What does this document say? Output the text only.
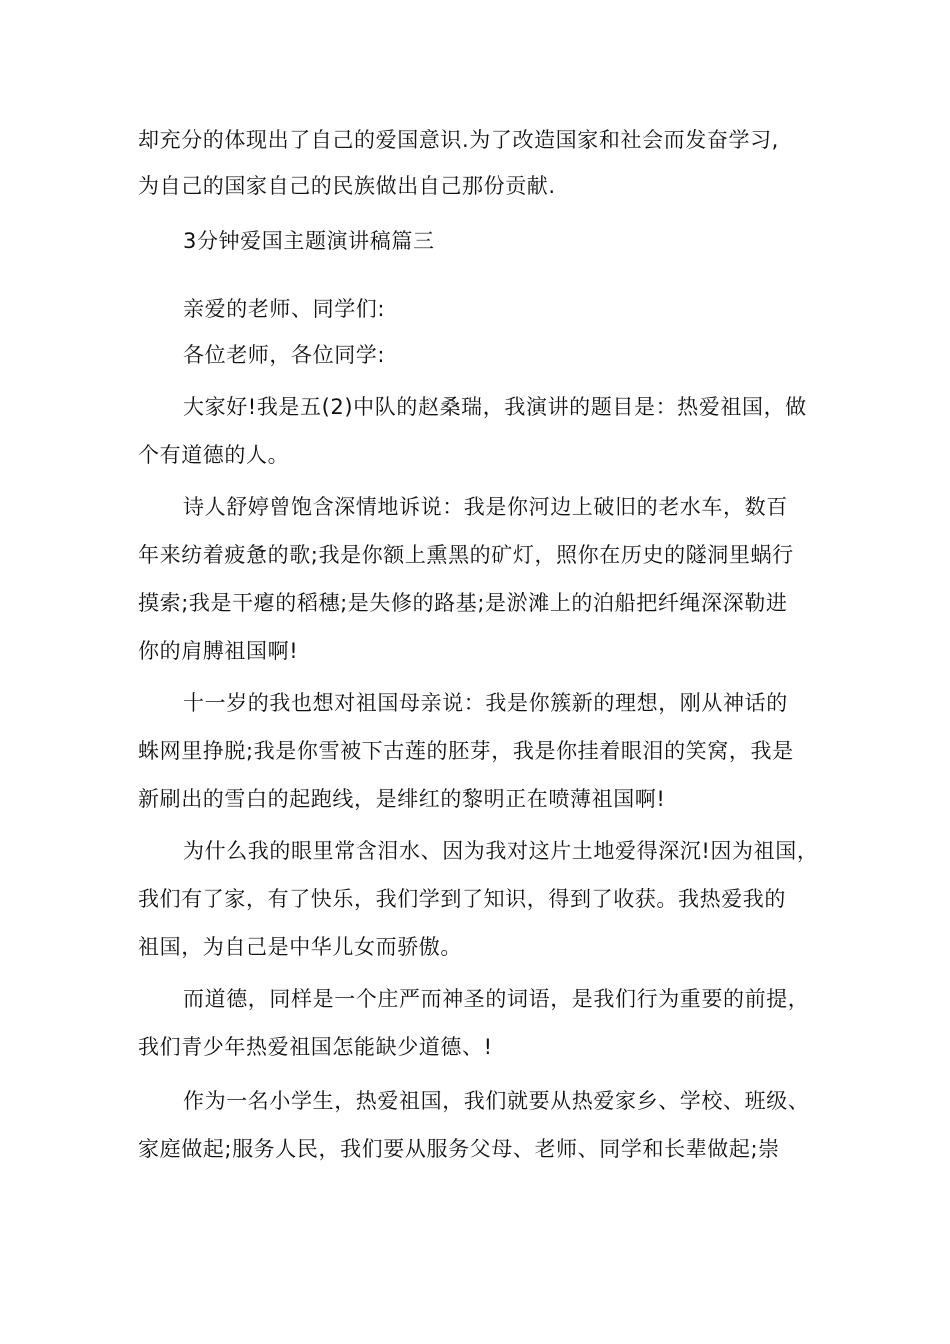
却充分的体现出了自己的爱国意识.为了改造国家和社会而发奋学习,
为自己的国家自己的民族做出自己那份贡献.
3分钟爱国主题演讲稿篇三
亲爱的老师、同学们:
各位老师，各位同学:
大家好!我是五(2)中队的赵桑瑞，我演讲的题目是：热爱祖国，做
个有道德的人。
诗人舒婷曾饱含深情地诉说：我是你河边上破旧的老水车，数百
年来纺着疲惫的歌;我是你额上熏黑的矿灯，照你在历史的隧洞里蜗行
摸索;我是干瘪的稻穗;是失修的路基;是淤滩上的泊船把纤绳深深勒进
你的肩膊祖国啊!
十一岁的我也想对祖国母亲说：我是你簇新的理想，刚从神话的
蛛网里挣脱;我是你雪被下古莲的胚芽，我是你挂着眼泪的笑窝，我是
新刷出的雪白的起跑线，是绯红的黎明正在喷薄祖国啊!
为什么我的眼里常含泪水、因为我对这片土地爱得深沉!因为祖国，
我们有了家，有了快乐，我们学到了知识，得到了收获。我热爱我的
祖国，为自己是中华儿女而骄傲。
而道德，同样是一个庄严而神圣的词语，是我们行为重要的前提，
我们青少年热爱祖国怎能缺少道德、!
作为一名小学生，热爱祖国，我们就要从热爱家乡、学校、班级、
家庭做起;服务人民，我们要从服务父母、老师、同学和长辈做起;崇
